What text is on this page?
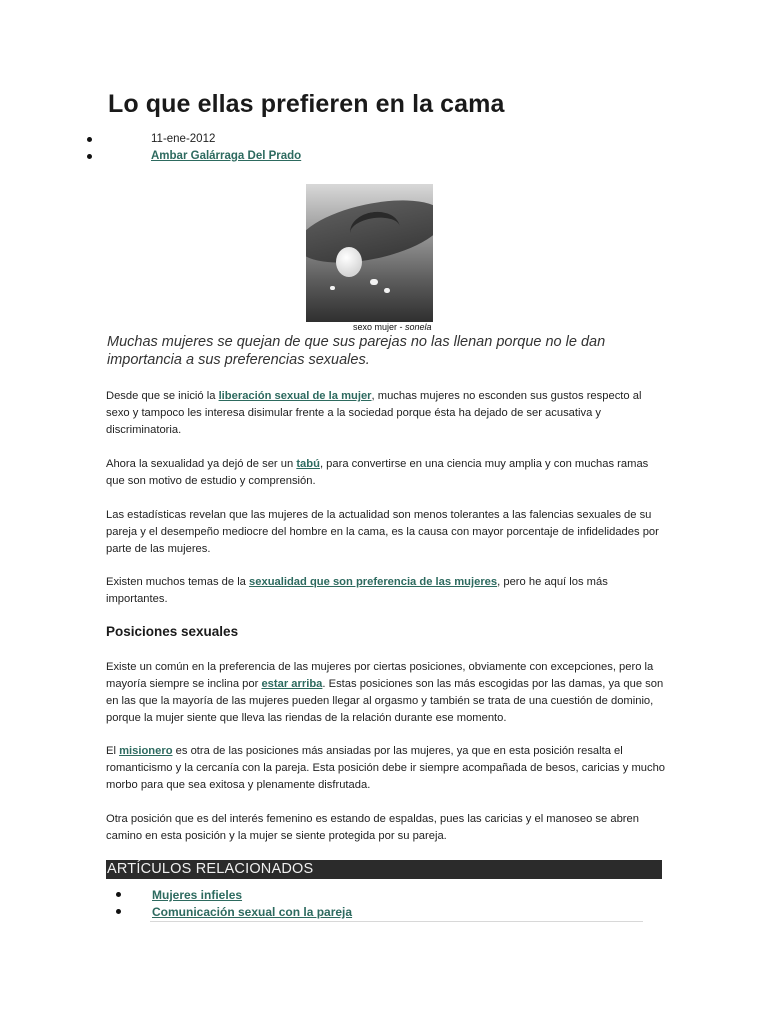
Lo que ellas prefieren en la cama
11-ene-2012
Ambar Galárraga Del Prado
sexo mujer - sonela

Muchas mujeres se quejan de que sus parejas no las llenan porque no le dan importancia a sus preferencias sexuales.

Desde que se inició la liberación sexual de la mujer, muchas mujeres no esconden sus gustos respecto al sexo y tampoco les interesa disimular frente a la sociedad porque ésta ha dejado de ser acusativa y discriminatoria.

Ahora la sexualidad ya dejó de ser un tabú, para convertirse en una ciencia muy amplia y con muchas ramas que son motivo de estudio y comprensión.

Las estadísticas revelan que las mujeres de la actualidad son menos tolerantes a las falencias sexuales de su pareja y el desempeño mediocre del hombre en la cama, es la causa con mayor porcentaje de infidelidades por parte de las mujeres.

Existen muchos temas de la sexualidad que son preferencia de las mujeres, pero he aquí los más importantes.

Posiciones sexuales

Existe un común en la preferencia de las mujeres por ciertas posiciones, obviamente con excepciones, pero la mayoría siempre se inclina por estar arriba. Estas posiciones son las más escogidas por las damas, ya que son en las que la mayoría de las mujeres pueden llegar al orgasmo y también se trata de una cuestión de dominio, porque la mujer siente que lleva las riendas de la relación durante ese momento.

El misionero es otra de las posiciones más ansiadas por las mujeres, ya que en esta posición resalta el romanticismo y la cercanía con la pareja. Esta posición debe ir siempre acompañada de besos, caricias y mucho morbo para que sea exitosa y plenamente disfrutada.

Otra posición que es del interés femenino es estando de espaldas, pues las caricias y el manoseo se abren camino en esta posición y la mujer se siente protegida por su pareja.

ARTÍCULOS RELACIONADOS
Mujeres infieles
Comunicación sexual con la pareja
